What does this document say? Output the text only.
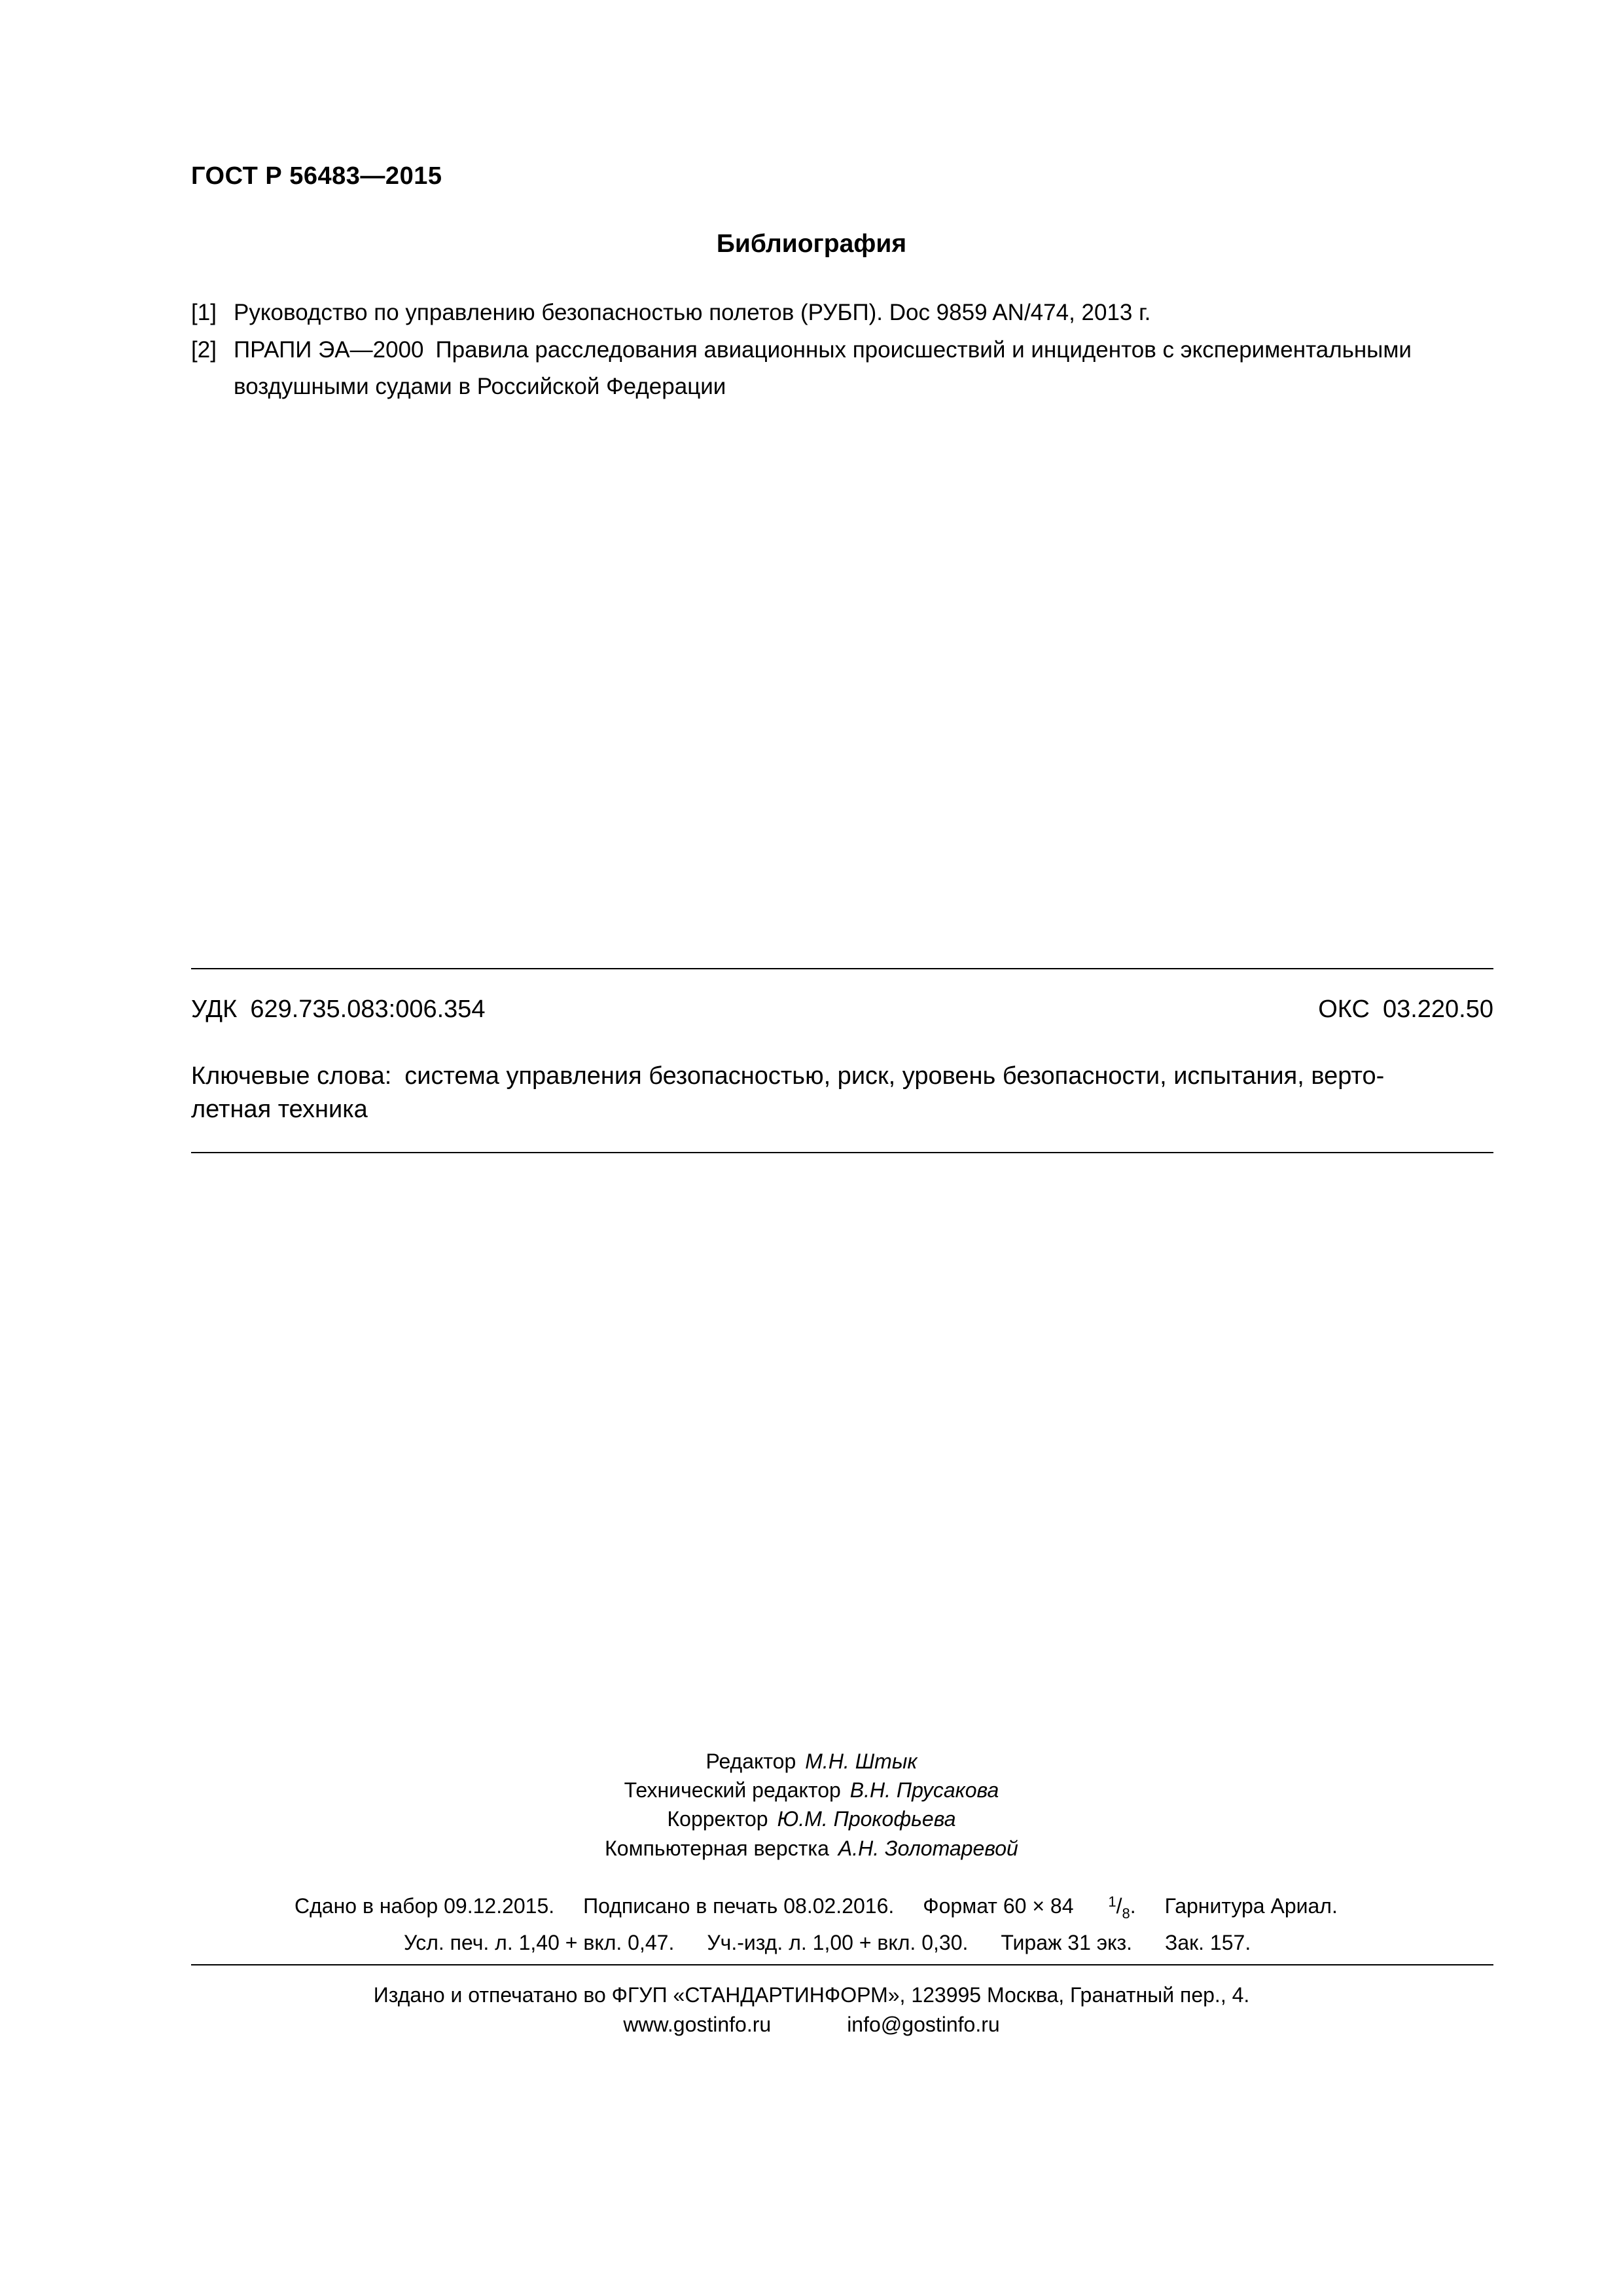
ГОСТ Р 56483—2015
Библиография
[1] Руководство по управлению безопасностью полетов (РУБП). Doc 9859 AN/474, 2013 г.
[2] ПРАПИ ЭА—2000 Правила расследования авиационных происшествий и инцидентов с экспериментальными
воздушными судами в Российской Федерации
УДК 629.735.083:006.354	ОКС 03.220.50
Ключевые слова: система управления безопасностью, риск, уровень безопасности, испытания, верто-
летная техника
Редактор М.Н. Штык
Технический редактор В.Н. Прусакова
Корректор Ю.М. Прокофьева
Компьютерная верстка А.Н. Золотаревой
Сдано в набор 09.12.2015. Подписано в печать 08.02.2016. Формат 60 × 84 $^1/_8$. Гарнитура Ариал.
Усл. печ. л. 1,40 + вкл. 0,47. Уч.-изд. л. 1,00 + вкл. 0,30. Тираж 31 экз. Зак. 157.
Издано и отпечатано во ФГУП «СТАНДАРТИНФОРМ», 123995 Москва, Гранатный пер., 4.
www.gostinfo.ru	info@gostinfo.ru
